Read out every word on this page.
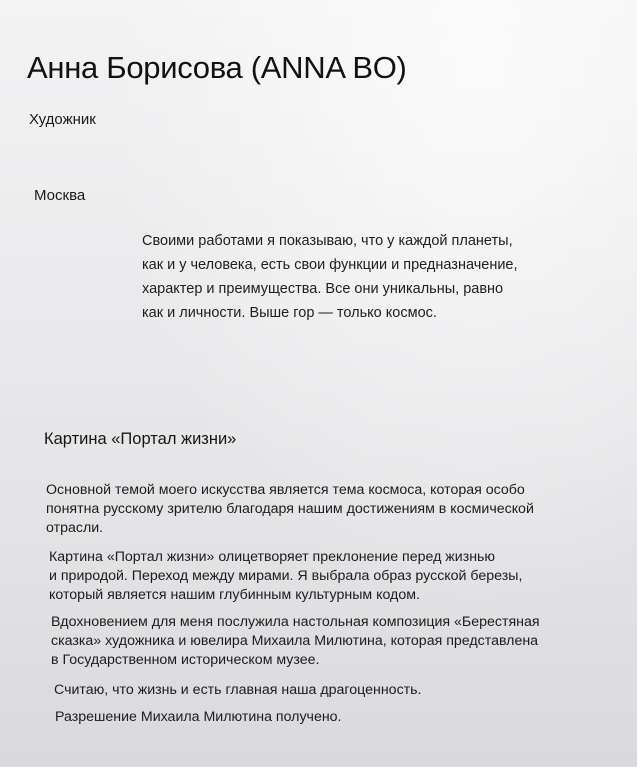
Анна Борисова (ANNA BO)
Художник
Москва

Своими работами я показываю, что у каждой планеты,
как и у человека, есть свои функции и предназначение,
характер и преимущества. Все они уникальны, равно
как и личности. Выше гор — только космос.

Картина «Портал жизни»

Основной темой моего искусства является тема космоса, которая особо
понятна русскому зрителю благодаря нашим достижениям в космической
отрасли.

Картина «Портал жизни» олицетворяет преклонение перед жизнью
и природой. Переход между мирами. Я выбрала образ русской березы,
который является нашим глубинным культурным кодом.

Вдохновением для меня послужила настольная композиция «Берестяная
сказка» художника и ювелира Михаила Милютина, которая представлена
в Государственном историческом музее.

Считаю, что жизнь и есть главная наша драгоценность.

Разрешение Михаила Милютина получено.
